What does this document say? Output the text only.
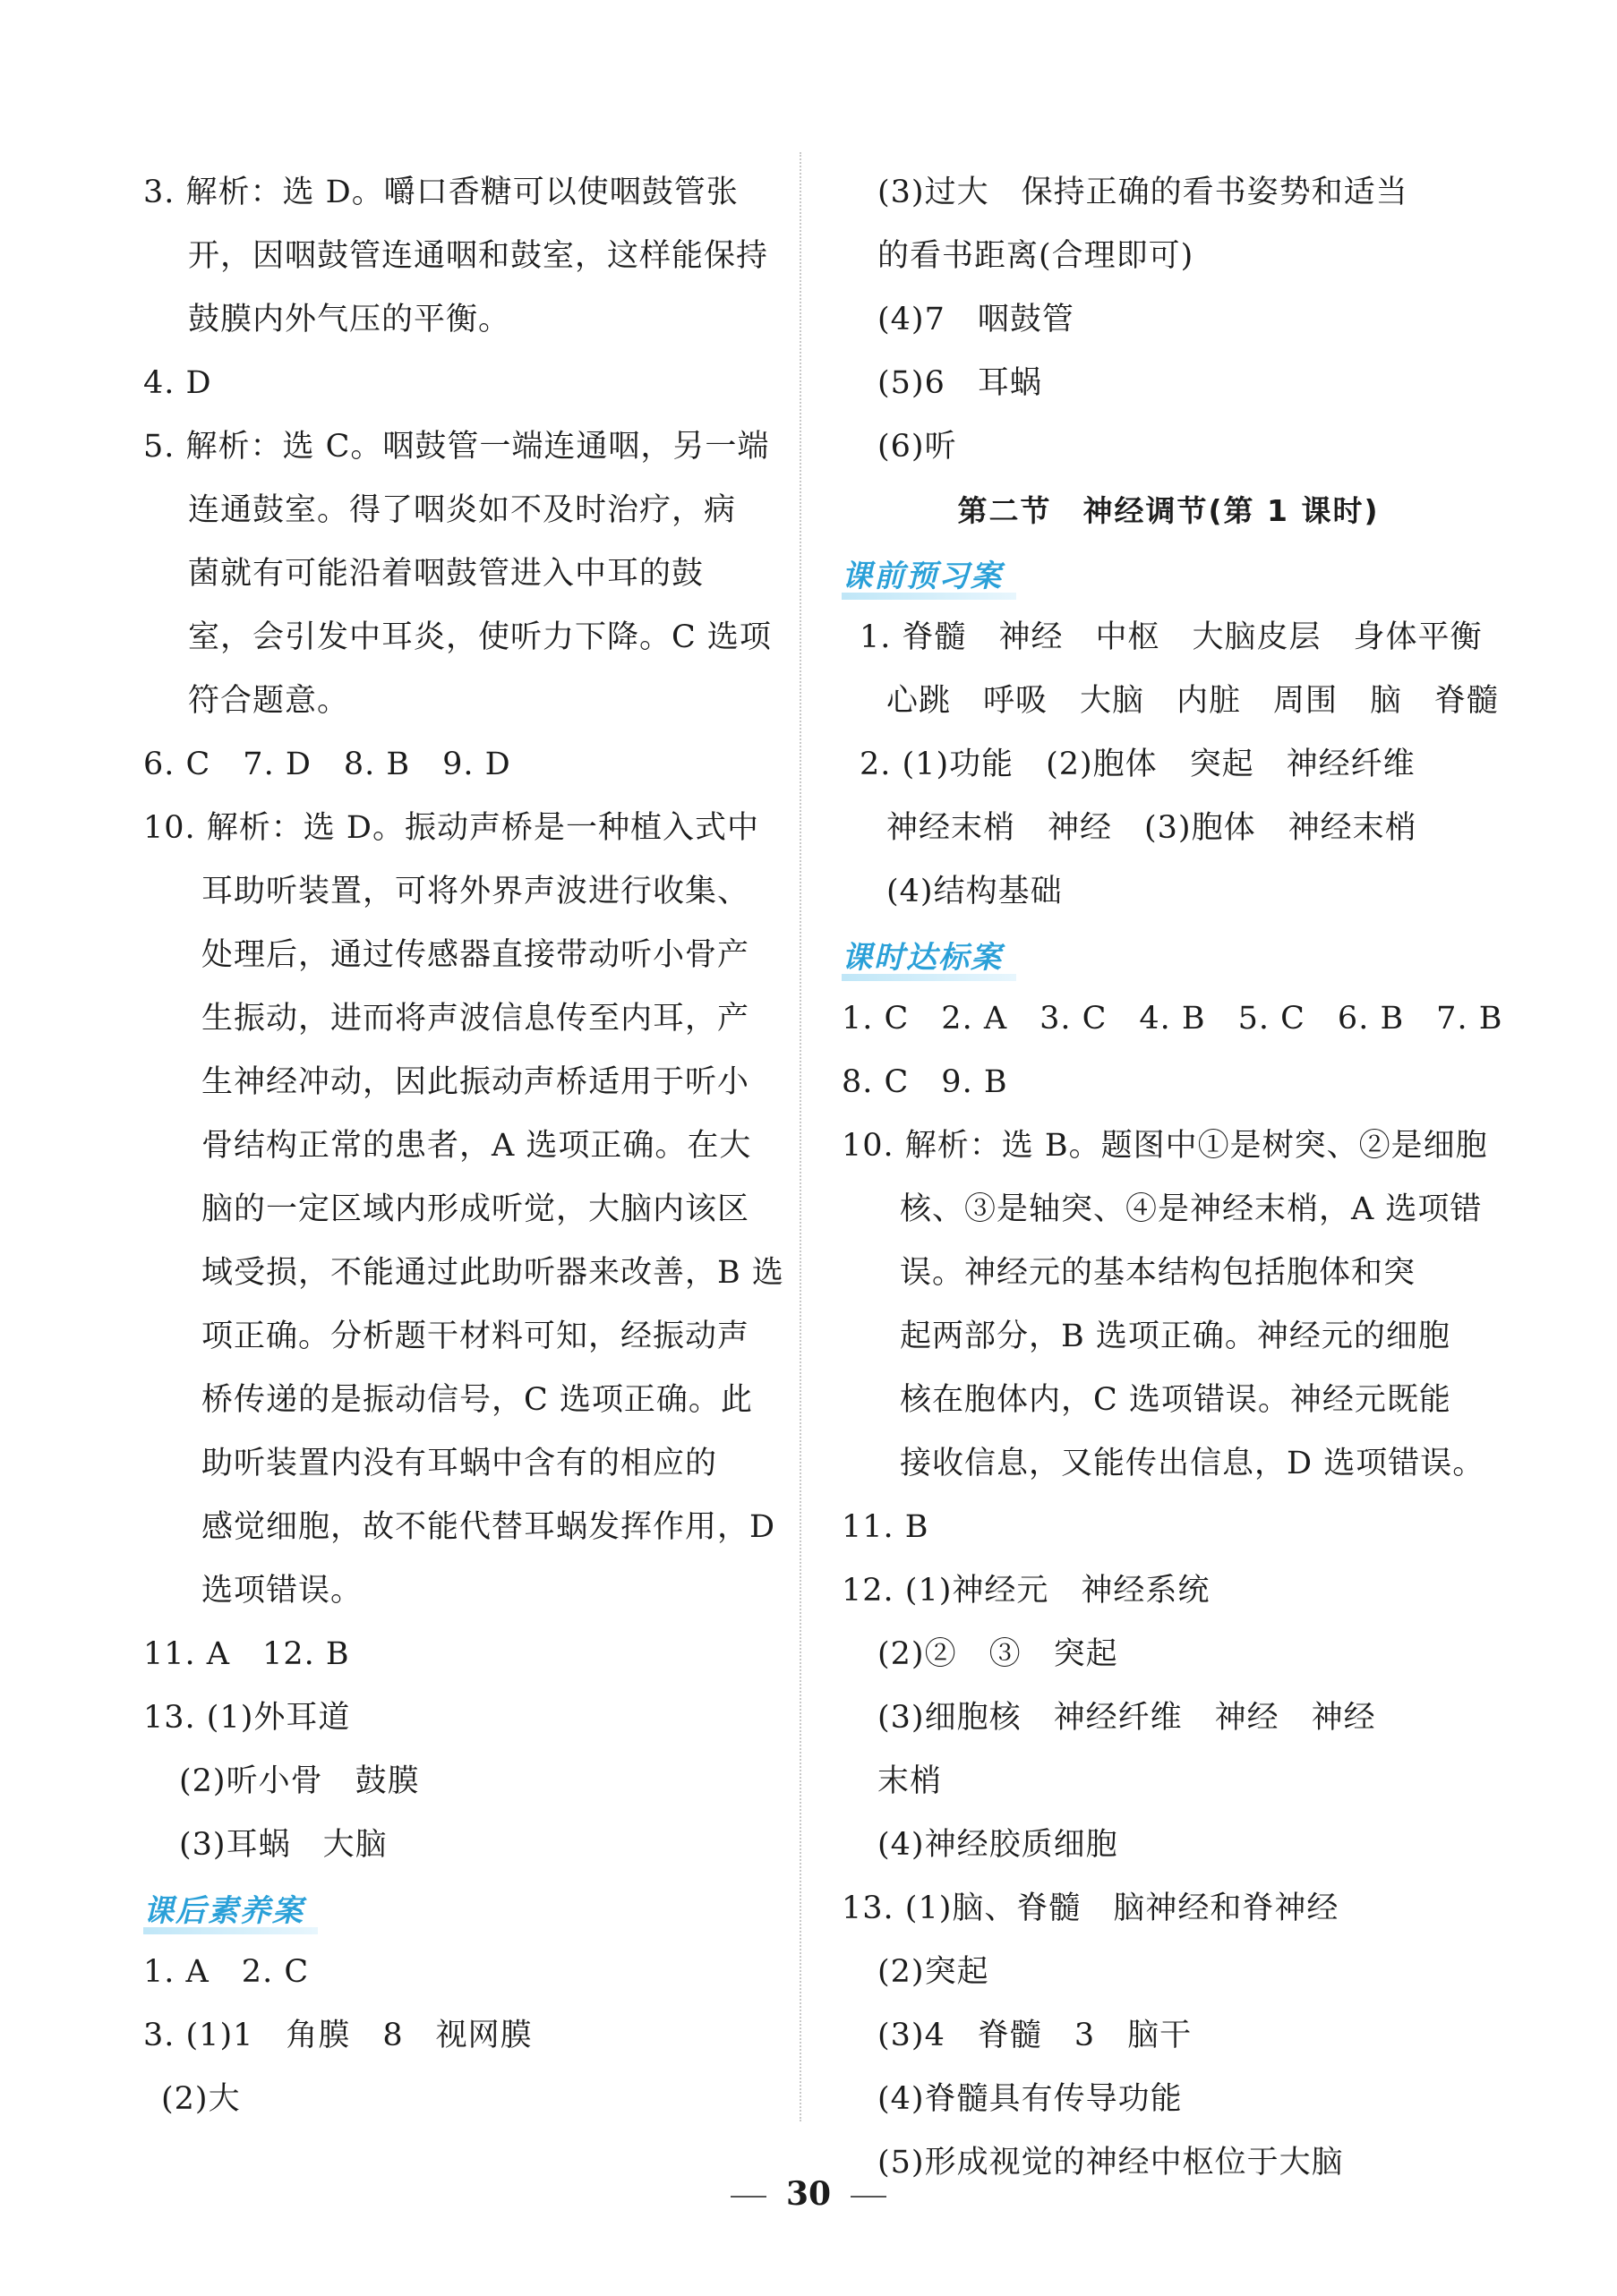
3. 解析：选 D。嚼口香糖可以使咽鼓管张
开，因咽鼓管连通咽和鼓室，这样能保持
鼓膜内外气压的平衡。
4. D
5. 解析：选 C。咽鼓管一端连通咽，另一端
连通鼓室。得了咽炎如不及时治疗，病
菌就有可能沿着咽鼓管进入中耳的鼓
室，会引发中耳炎，使听力下降。C 选项
符合题意。
6. C　7. D　8. B　9. D
10. 解析：选 D。振动声桥是一种植入式中
耳助听装置，可将外界声波进行收集、
处理后，通过传感器直接带动听小骨产
生振动，进而将声波信息传至内耳，产
生神经冲动，因此振动声桥适用于听小
骨结构正常的患者，A 选项正确。在大
脑的一定区域内形成听觉，大脑内该区
域受损，不能通过此助听器来改善，B 选
项正确。分析题干材料可知，经振动声
桥传递的是振动信号，C 选项正确。此
助听装置内没有耳蜗中含有的相应的
感觉细胞，故不能代替耳蜗发挥作用，D
选项错误。
11. A　12. B
13. (1)外耳道
(2)听小骨　鼓膜
(3)耳蜗　大脑
课后素养案
1. A　2. C
3. (1)1　角膜　8　视网膜
(2)大
(3)过大　保持正确的看书姿势和适当
的看书距离(合理即可)
(4)7　咽鼓管
(5)6　耳蜗
(6)听
第二节　神经调节(第 1 课时)
课前预习案
1. 脊髓　神经　中枢　大脑皮层　身体平衡
心跳　呼吸　大脑　内脏　周围　脑　脊髓
2. (1)功能　(2)胞体　突起　神经纤维
神经末梢　神经　(3)胞体　神经末梢
(4)结构基础
课时达标案
1. C　2. A　3. C　4. B　5. C　6. B　7. B
8. C　9. B
10. 解析：选 B。题图中①是树突、②是细胞
核、③是轴突、④是神经末梢，A 选项错
误。神经元的基本结构包括胞体和突
起两部分，B 选项正确。神经元的细胞
核在胞体内，C 选项错误。神经元既能
接收信息，又能传出信息，D 选项错误。
11. B
12. (1)神经元　神经系统
(2)②　③　突起
(3)细胞核　神经纤维　神经　神经
末梢
(4)神经胶质细胞
13. (1)脑、脊髓　脑神经和脊神经
(2)突起
(3)4　脊髓　3　脑干
(4)脊髓具有传导功能
(5)形成视觉的神经中枢位于大脑
30
